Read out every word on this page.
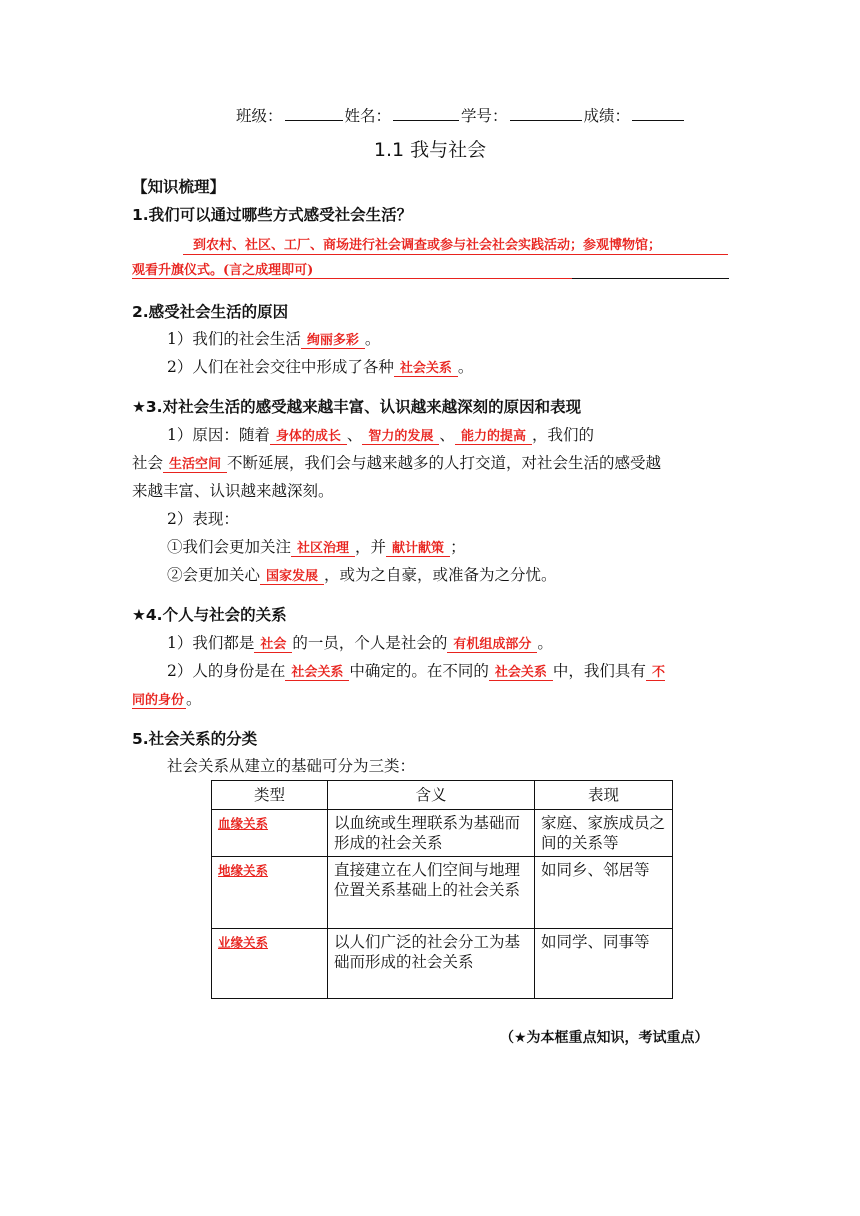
班级：	姓名：	学号：	成绩：
1.1 我与社会
【知识梳理】
1.我们可以通过哪些方式感受社会生活？
到农村、社区、工厂、商场进行社会调查或参与社会社会实践活动；参观博物馆；
观看升旗仪式。(言之成理即可)
2.感受社会生活的原因
1）我们的社会生活 绚丽多彩 。
2）人们在社会交往中形成了各种 社会关系 。
★3.对社会生活的感受越来越丰富、认识越来越深刻的原因和表现
1）原因：随着 身体的成长 、 智力的发展 、 能力的提高 ，我们的
社会 生活空间 不断延展，我们会与越来越多的人打交道，对社会生活的感受越
来越丰富、认识越来越深刻。
2）表现：
①我们会更加关注 社区治理 ，并 献计献策 ；
②会更加关心 国家发展 ，或为之自豪，或准备为之分忧。
★4.个人与社会的关系
1）我们都是 社会 的一员，个人是社会的 有机组成部分 。
2）人的身份是在 社会关系 中确定的。在不同的 社会关系 中，我们具有 不
同的身份 。
5.社会关系的分类
社会关系从建立的基础可分为三类：
类型	含义	表现
血缘关系	以血统或生理联系为基础而形成的社会关系	家庭、家族成员之间的关系等
地缘关系	直接建立在人们空间与地理位置关系基础上的社会关系	如同乡、邻居等
业缘关系	以人们广泛的社会分工为基础而形成的社会关系	如同学、同事等
（★为本框重点知识，考试重点）
